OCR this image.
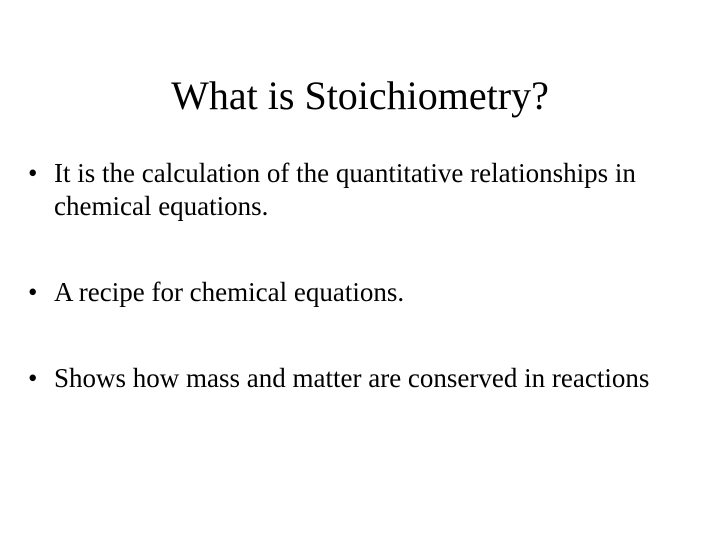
What is Stoichiometry?
• It is the calculation of the quantitative relationships in chemical equations.
• A recipe for chemical equations.
• Shows how mass and matter are conserved in reactions
